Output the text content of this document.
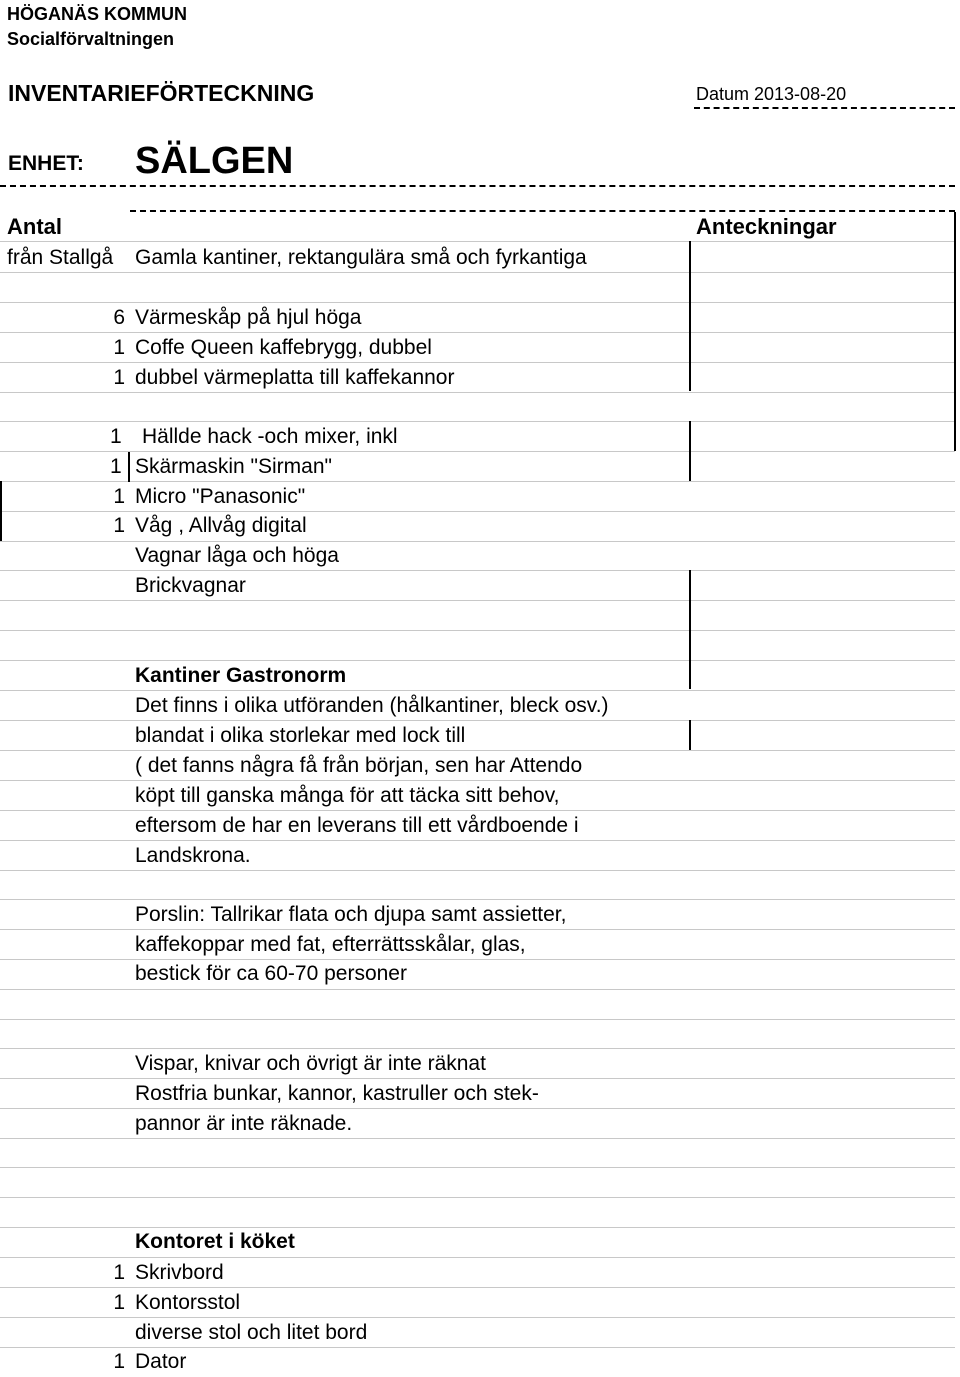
HÖGANÄS KOMMUN
Socialförvaltningen
INVENTARIEFÖRTECKNING	Datum 2013-08-20
ENHET: SÄLGEN
Antal	Anteckningar
från Stallgå Gamla kantiner, rektangulära små och fyrkantiga
6 Värmeskåp på hjul höga
1 Coffe Queen kaffebrygg, dubbel
1 dubbel värmeplatta till kaffekannor
1 Hällde hack -och mixer, inkl
1 Skärmaskin "Sirman"
1 Micro "Panasonic"
1 Våg , Allvåg digital
Vagnar låga och höga
Brickvagnar
Kantiner Gastronorm
Det finns i olika utföranden (hålkantiner, bleck osv.)
blandat i olika storlekar med lock till
( det fanns några få från början, sen har Attendo
köpt till ganska många för att täcka sitt behov,
eftersom de har en leverans till ett vårdboende i
Landskrona.
Porslin: Tallrikar flata och djupa samt assietter,
kaffekoppar med fat, efterrättsskålar, glas,
bestick för ca 60-70 personer
Vispar, knivar och övrigt är inte räknat
Rostfria bunkar, kannor, kastruller och stek-
pannor är inte räknade.
Kontoret i köket
1 Skrivbord
1 Kontorsstol
diverse stol och litet bord
1 Dator
